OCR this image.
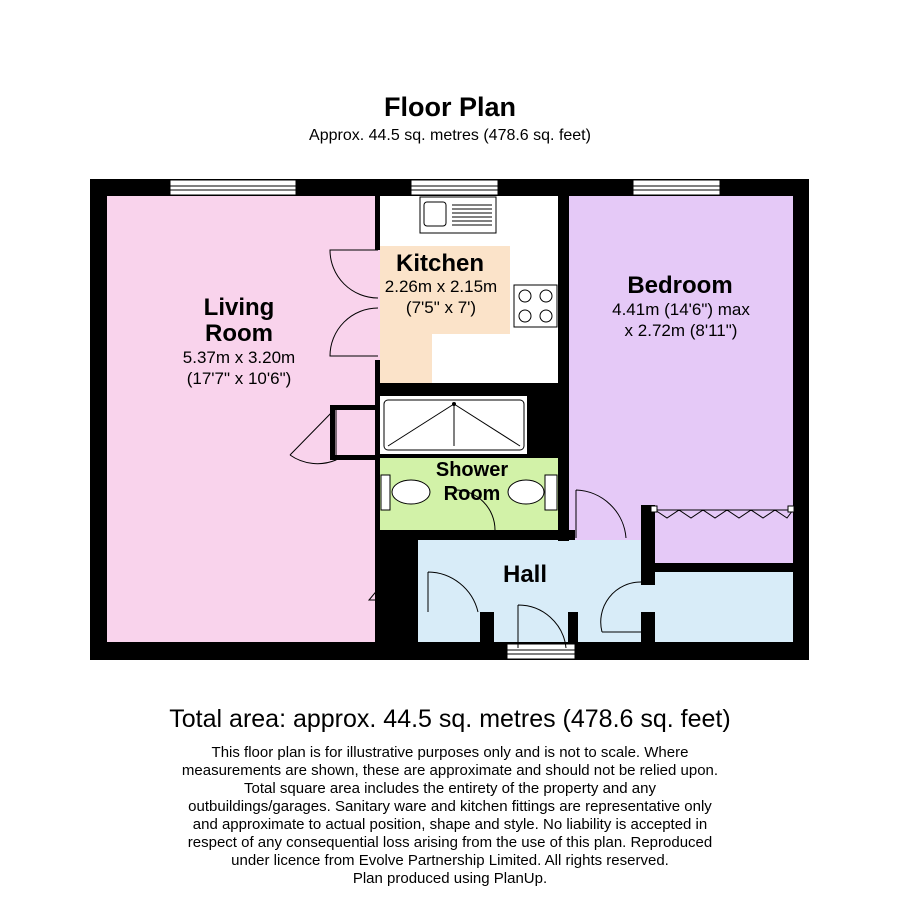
Floor Plan
Approx. 44.5 sq. metres (478.6 sq. feet)
Living
Room
5.37m x 3.20m
(17'7" x 10'6")
Kitchen
2.26m x 2.15m
(7'5" x 7')
Bedroom
4.41m (14'6") max
x 2.72m (8'11")
Shower
Room
Hall
Total area: approx. 44.5 sq. metres (478.6 sq. feet)
This floor plan is for illustrative purposes only and is not to scale. Where
measurements are shown, these are approximate and should not be relied upon.
Total square area includes the entirety of the property and any
outbuildings/garages. Sanitary ware and kitchen fittings are representative only
and approximate to actual position, shape and style. No liability is accepted in
respect of any consequential loss arising from the use of this plan. Reproduced
under licence from Evolve Partnership Limited. All rights reserved.
Plan produced using PlanUp.
